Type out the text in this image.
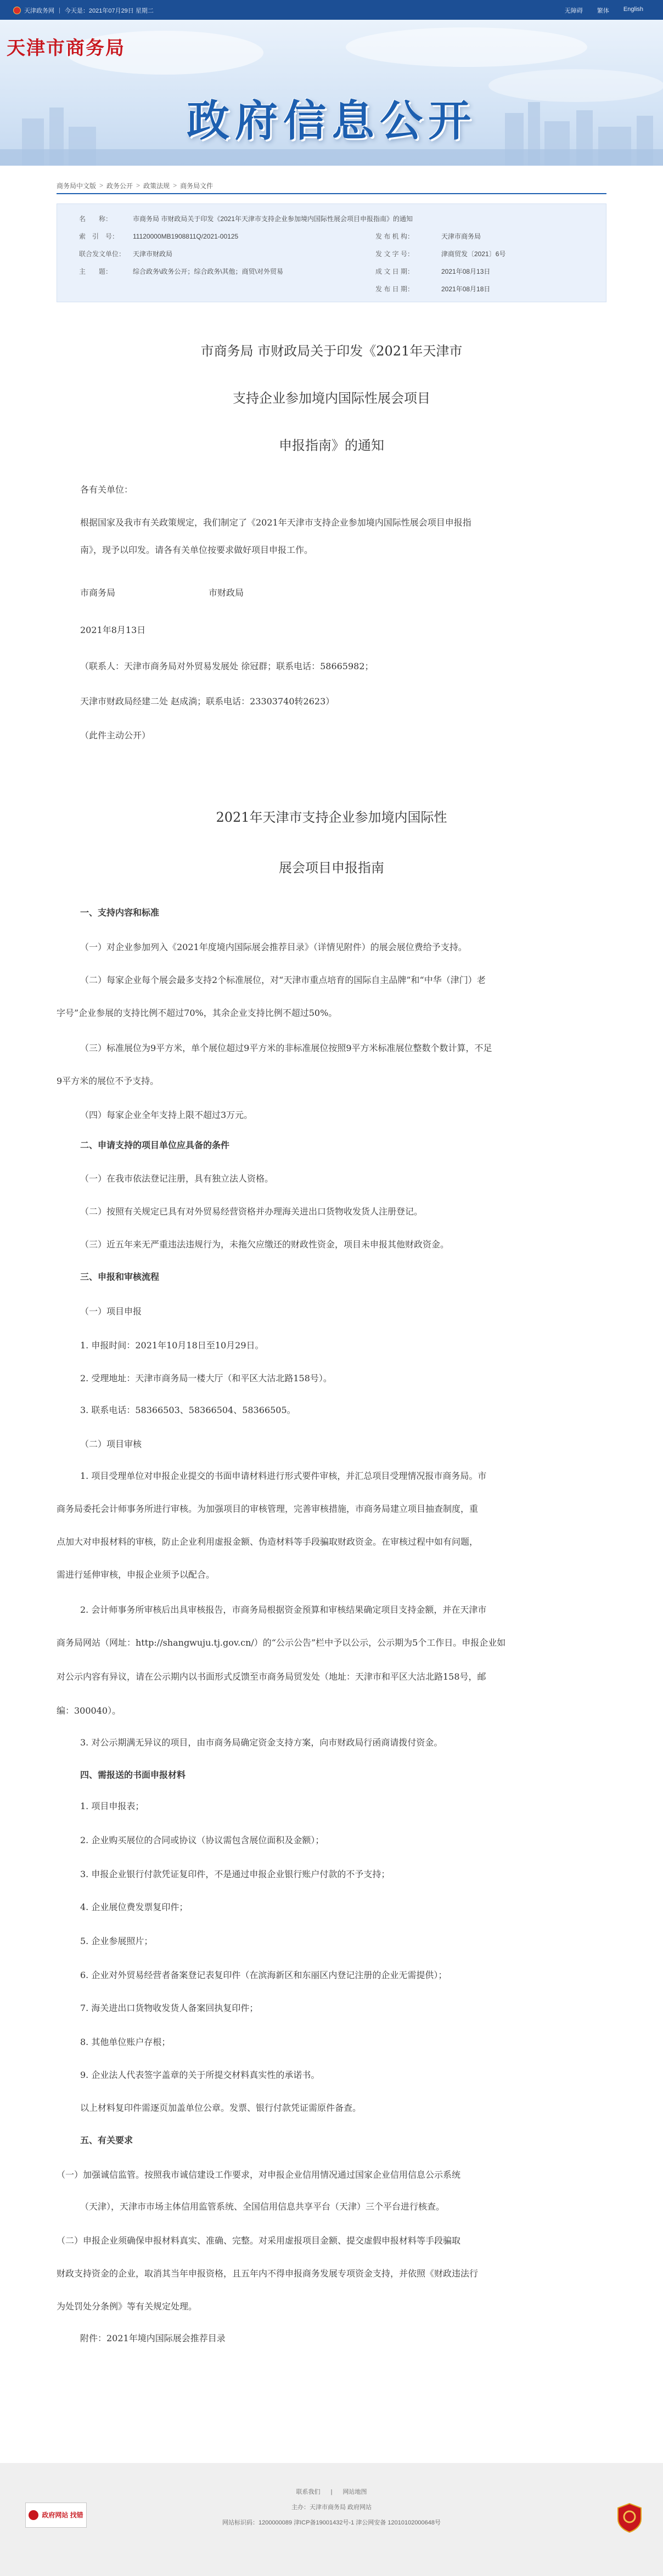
天津政务网 | 今天是：2021年07月29日 星期二	无障碍 繁体 English
天津市商务局
政府信息公开
商务局中文版 > 政务公开 > 政策法规 > 商务局文件
名　　称：	市商务局 市财政局关于印发《2021年天津市支持企业参加境内国际性展会项目申报指南》的通知
索　引　号：	11120000MB1908811Q/2021-00125	发 布 机 构：	天津市商务局
联合发文单位：	天津市财政局	发 文 字 号：	津商贸发〔2021〕6号
主　　题：	综合政务\政务公开；综合政务\其他；商贸\对外贸易	成 文 日 期：	2021年08月13日
发 布 日 期：	2021年08月18日
市商务局 市财政局关于印发《2021年天津市
支持企业参加境内国际性展会项目
申报指南》的通知
各有关单位：
根据国家及我市有关政策规定，我们制定了《2021年天津市支持企业参加境内国际性展会项目申报指
南》，现予以印发。请各有关单位按要求做好项目申报工作。
市商务局	市财政局
2021年8月13日
（联系人：天津市商务局对外贸易发展处 徐冠群；联系电话：58665982；
天津市财政局经建二处 赵成淌；联系电话：23303740转2623）
（此件主动公开）
2021年天津市支持企业参加境内国际性
展会项目申报指南
一、支持内容和标准
（一）对企业参加列入《2021年度境内国际展会推荐目录》（详情见附件）的展会展位费给予支持。
（二）每家企业每个展会最多支持2个标准展位，对“天津市重点培育的国际自主品牌”和“中华（津门）老
字号”企业参展的支持比例不超过70%，其余企业支持比例不超过50%。
（三）标准展位为9平方米，单个展位超过9平方米的非标准展位按照9平方米标准展位整数个数计算，不足
9平方米的展位不予支持。
（四）每家企业全年支持上限不超过3万元。
二、申请支持的项目单位应具备的条件
（一）在我市依法登记注册，具有独立法人资格。
（二）按照有关规定已具有对外贸易经营资格并办理海关进出口货物收发货人注册登记。
（三）近五年来无严重违法违规行为，未拖欠应缴还的财政性资金，项目未申报其他财政资金。
三、申报和审核流程
（一）项目申报
1. 申报时间：2021年10月18日至10月29日。
2. 受理地址：天津市商务局一楼大厅（和平区大沽北路158号）。
3. 联系电话：58366503、58366504、58366505。
（二）项目审核
1. 项目受理单位对申报企业提交的书面申请材料进行形式要件审核，并汇总项目受理情况报市商务局。市
商务局委托会计师事务所进行审核。为加强项目的审核管理，完善审核措施，市商务局建立项目抽查制度，重
点加大对申报材料的审核，防止企业利用虚报金额、伪造材料等手段骗取财政资金。在审核过程中如有问题，
需进行延伸审核，申报企业须予以配合。
2. 会计师事务所审核后出具审核报告，市商务局根据资金预算和审核结果确定项目支持金额，并在天津市
商务局网站（网址：http://shangwuju.tj.gov.cn/）的“公示公告”栏中予以公示，公示期为5个工作日。申报企业如
对公示内容有异议，请在公示期内以书面形式反馈至市商务局贸发处（地址：天津市和平区大沽北路158号，邮
编：300040）。
3. 对公示期满无异议的项目，由市商务局确定资金支持方案，向市财政局行函商请拨付资金。
四、需报送的书面申报材料
1. 项目申报表；
2. 企业购买展位的合同或协议（协议需包含展位面积及金额）；
3. 申报企业银行付款凭证复印件，不是通过申报企业银行账户付款的不予支持；
4. 企业展位费发票复印件；
5. 企业参展照片；
6. 企业对外贸易经营者备案登记表复印件（在滨海新区和东丽区内登记注册的企业无需提供）；
7. 海关进出口货物收发货人备案回执复印件；
8. 其他单位账户存根；
9. 企业法人代表签字盖章的关于所提交材料真实性的承诺书。
以上材料复印件需逐页加盖单位公章。发票、银行付款凭证需原件备查。
五、有关要求
（一）加强诚信监管。按照我市诚信建设工作要求，对申报企业信用情况通过国家企业信用信息公示系统
（天津），天津市市场主体信用监管系统、全国信用信息共享平台（天津）三个平台进行核查。
（二）申报企业须确保申报材料真实、准确、完整。对采用虚报项目金额、提交虚假申报材料等手段骗取
财政支持资金的企业，取消其当年申报资格，且五年内不得申报商务发展专项资金支持，并依照《财政违法行
为处罚处分条例》等有关规定处理。
附件：2021年境内国际展会推荐目录
联系我们 | 网站地图
主办：天津市商务局 政府网站
网站标识码：1200000089 津ICP备19001432号-1 津公网安备 12010102000648号
政府网站 找错
